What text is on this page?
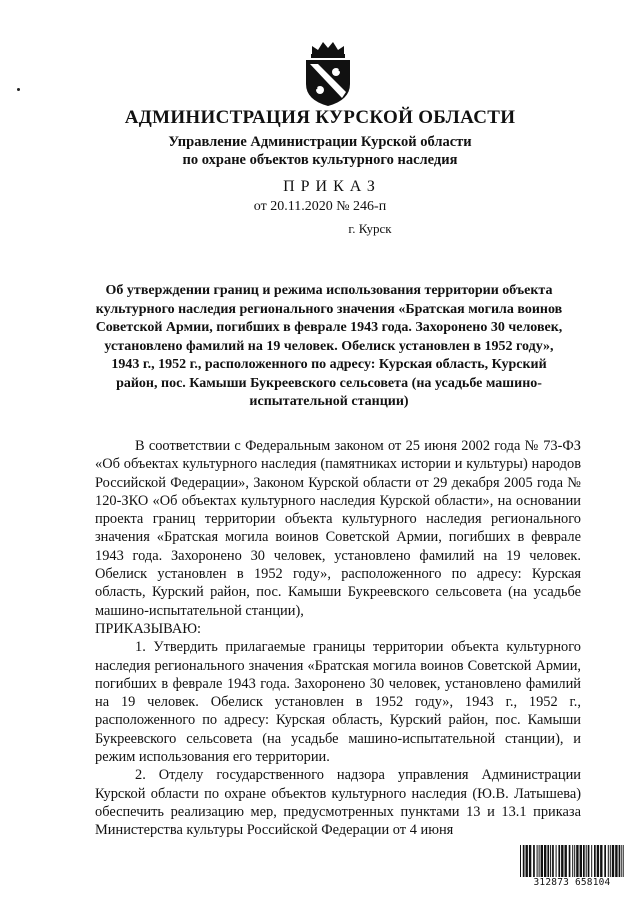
АДМИНИСТРАЦИЯ КУРСКОЙ ОБЛАСТИ
Управление Администрации Курской области
по охране объектов культурного наследия
ПРИКАЗ
от 20.11.2020 № 246-п
г. Курск
Об утверждении границ и режима использования территории объекта культурного наследия регионального значения «Братская могила воинов Советской Армии, погибших в феврале 1943 года. Захоронено 30 человек, установлено фамилий на 19 человек. Обелиск установлен в 1952 году», 1943 г., 1952 г., расположенного по адресу: Курская область, Курский район, пос. Камыши Букреевского сельсовета (на усадьбе машино-испытательной станции)

В соответствии с Федеральным законом от 25 июня 2002 года № 73-ФЗ «Об объектах культурного наследия (памятниках истории и культуры) народов Российской Федерации», Законом Курской области от 29 декабря 2005 года № 120-ЗКО «Об объектах культурного наследия Курской области», на основании проекта границ территории объекта культурного наследия регионального значения «Братская могила воинов Советской Армии, погибших в феврале 1943 года. Захоронено 30 человек, установлено фамилий на 19 человек. Обелиск установлен в 1952 году», расположенного по адресу: Курская область, Курский район, пос. Камыши Букреевского сельсовета (на усадьбе машино-испытательной станции),

ПРИКАЗЫВАЮ:

1. Утвердить прилагаемые границы территории объекта культурного наследия регионального значения «Братская могила воинов Советской Армии, погибших в феврале 1943 года. Захоронено 30 человек, установлено фамилий на 19 человек. Обелиск установлен в 1952 году», 1943 г., 1952 г., расположенного по адресу: Курская область, Курский район, пос. Камыши Букреевского сельсовета (на усадьбе машино-испытательной станции), и режим использования его территории.

2. Отделу государственного надзора управления Администрации Курской области по охране объектов культурного наследия (Ю.В. Латышева) обеспечить реализацию мер, предусмотренных пунктами 13 и 13.1 приказа Министерства культуры Российской Федерации от 4 июня

312873 658104
